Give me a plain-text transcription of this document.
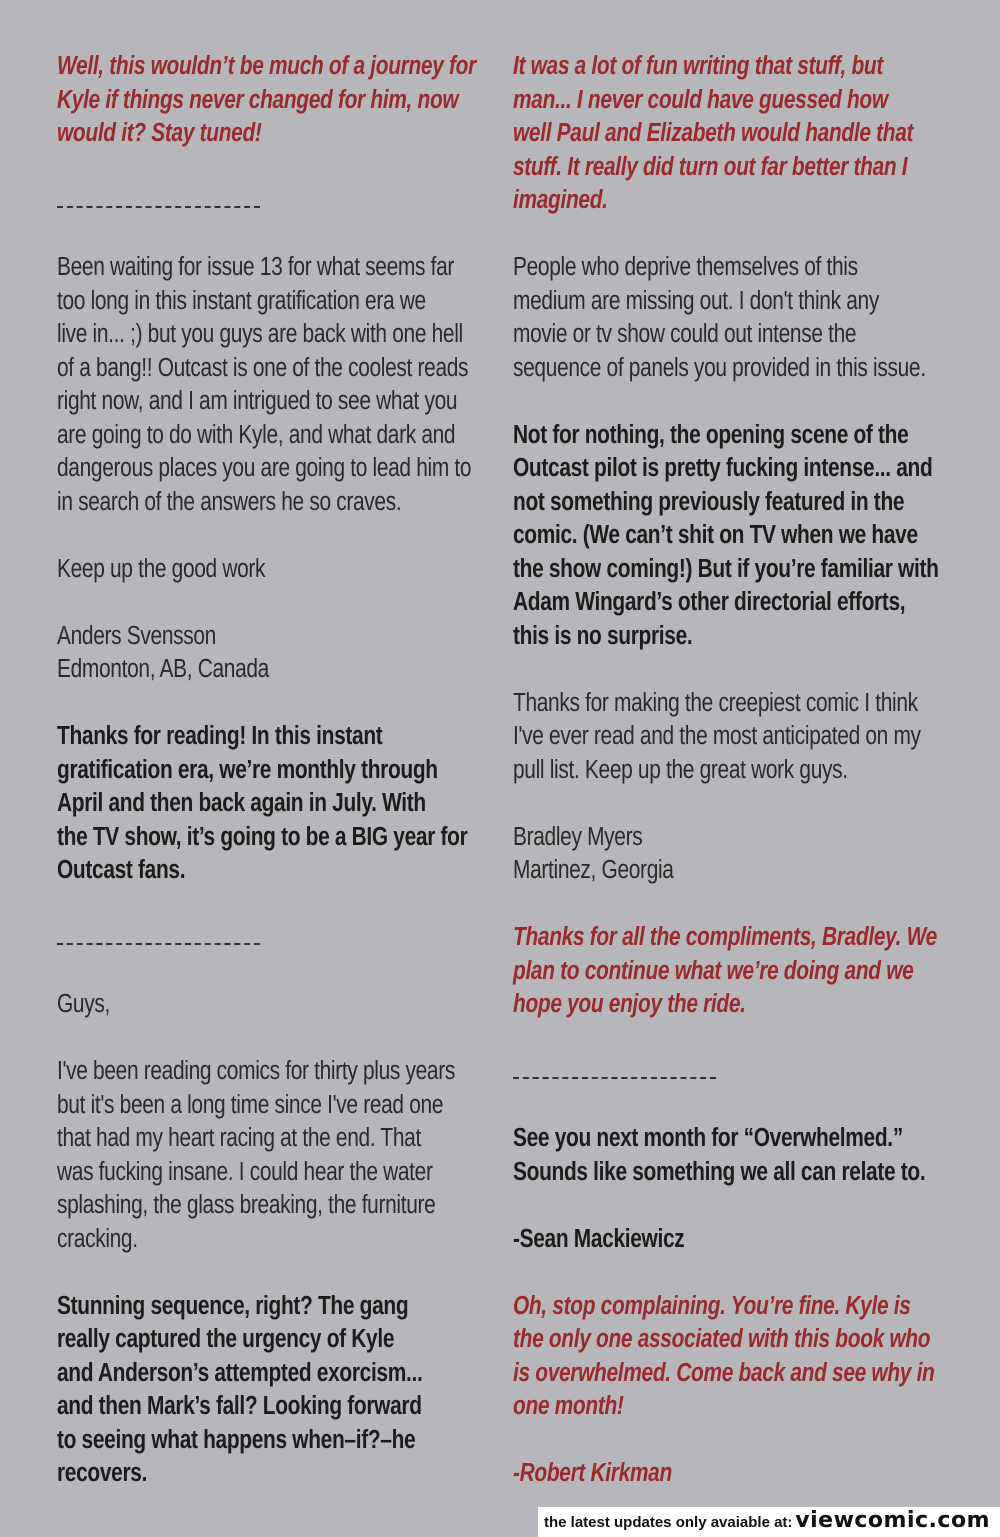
Well, this wouldn’t be much of a journey for
Kyle if things never changed for him, now
would it? Stay tuned!
Been waiting for issue 13 for what seems far
too long in this instant gratification era we
live in... ;) but you guys are back with one hell
of a bang!! Outcast is one of the coolest reads
right now, and I am intrigued to see what you
are going to do with Kyle, and what dark and
dangerous places you are going to lead him to
in search of the answers he so craves.
Keep up the good work
Anders Svensson
Edmonton, AB, Canada
Thanks for reading! In this instant
gratification era, we’re monthly through
April and then back again in July. With
the TV show, it’s going to be a BIG year for
Outcast fans.
Guys,
I've been reading comics for thirty plus years
but it's been a long time since I've read one
that had my heart racing at the end. That
was fucking insane. I could hear the water
splashing, the glass breaking, the furniture
cracking.
Stunning sequence, right? The gang
really captured the urgency of Kyle
and Anderson’s attempted exorcism...
and then Mark’s fall? Looking forward
to seeing what happens when–if?–he
recovers.
It was a lot of fun writing that stuff, but
man... I never could have guessed how
well Paul and Elizabeth would handle that
stuff. It really did turn out far better than I
imagined.
People who deprive themselves of this
medium are missing out. I don't think any
movie or tv show could out intense the
sequence of panels you provided in this issue.
Not for nothing, the opening scene of the
Outcast pilot is pretty fucking intense... and
not something previously featured in the
comic. (We can’t shit on TV when we have
the show coming!) But if you’re familiar with
Adam Wingard’s other directorial efforts,
this is no surprise.
Thanks for making the creepiest comic I think
I've ever read and the most anticipated on my
pull list. Keep up the great work guys.
Bradley Myers
Martinez, Georgia
Thanks for all the compliments, Bradley. We
plan to continue what we’re doing and we
hope you enjoy the ride.
See you next month for “Overwhelmed.”
Sounds like something we all can relate to.
-Sean Mackiewicz
Oh, stop complaining. You’re fine. Kyle is
the only one associated with this book who
is overwhelmed. Come back and see why in
one month!
-Robert Kirkman
the latest updates only avaiable at: viewcomic.com
